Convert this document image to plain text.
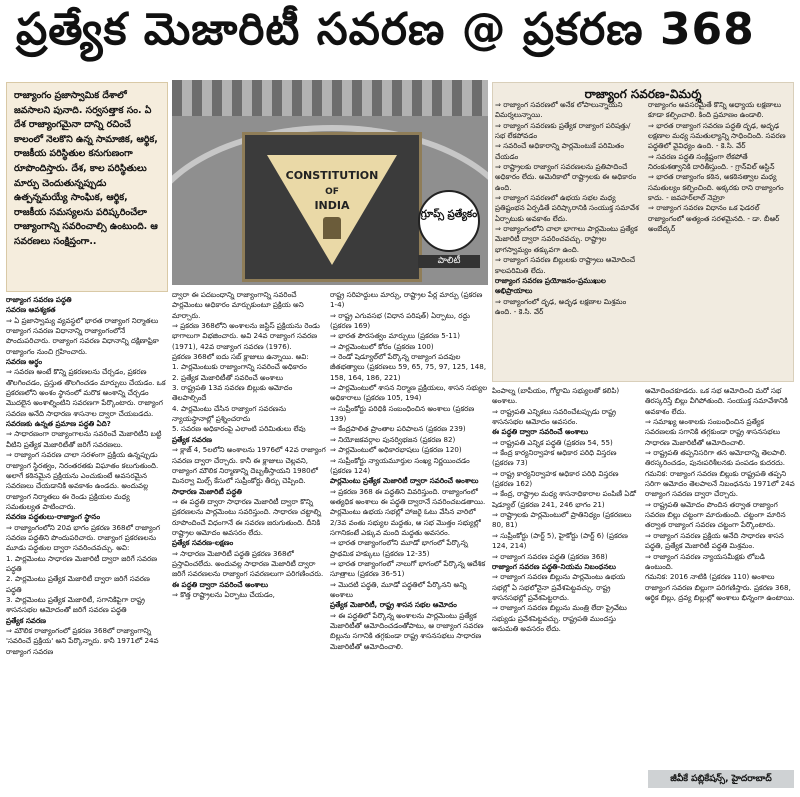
ప్రత్యేక మెజారిటీ సవరణ @ ప్రకరణ 368

రాజ్యాంగం ప్రజాస్వామిక దేశాలో జవసాలని పునాది. సర్వసత్తాక సం. ఏ దేశ రాజ్యాంగమైనా దాన్ని రచించే కాలంలో నెలకొని ఉన్న సామాజిక, ఆర్థిక, రాజకీయ పరిస్థితుల కనుగుణంగా రూపొందిస్తారు. దేశ, కాల పరిస్థితులు మార్పు చెందుతున్నప్పుడు ఉత్పన్నమయ్యే సాంఘిక, ఆర్థిక, రాజకీయ సమస్యలను పరిష్కరించేలా రాజ్యాంగాన్ని సవరించాల్సి ఉంటుంది. ఆ సవరణలు సంక్షిప్తంగా..

CONSTITUTION
OF
INDIA
గ్రూప్స్ ప్రత్యేకం
పాలిటీ
రాజ్యాంగ సవరణ-విమర్శ

రాజ్యాంగ సవరణ పద్ధతి

సవరణ ఆవశ్యకత

⇒ ఏ ప్రజాస్వామ్య వ్యవస్థలో భారత రాజ్యాంగ నిర్మాతలు రాజ్యాంగ సవరణ విధానాన్ని రాజ్యాంగంలోనే పొందుపరిచారు. రాజ్యాంగ సవరణ విధానాన్ని దక్షిణాఫ్రికా రాజ్యాంగం నుంచి గ్రహించారు.

సవరణ అర్థం

⇒ సవరణ అంటే కొన్ని ప్రకరణలను చేర్చడం, ప్రకరణ తొలగించడం, ప్రస్తుత తొలగించడం మార్పులు చేయడం. ఒక ప్రకరణలోని అంశం స్థానంలో మరొక అంశాన్ని చేర్చడం మొదలైన అంశాల్నింటిని సవరణగా పేర్కొంటారు. రాజ్యాంగ సవరణ అనేది సాధారణ శాసనాల ద్వారా చేయబడదు.

సవరణకు ఉన్నత ప్రమాణ పద్ధతి ఏది?

⇒ సాధారణంగా రాజ్యాంగాలను సవరించే మెజారిటీని బట్టి వీటిని ప్రత్యేక మెజారిటీతో జరిగే సవరణలు.

⇒ రాజ్యాంగ సవరణ చాలా సరళంగా ప్రక్రియ ఉన్నప్పుడు రాజ్యాంగ స్థిరత్వం, నిరంతరతకు విఘాతం కలుగుతుంది. అలాగే కఠినమైన ప్రక్రియను ఎంచుకుంటే అవసరమైన సవరణలు చేయడానికి అవకాశం ఉండదు. అందువల్ల రాజ్యాంగ నిర్మాతలు ఈ రెండు ప్రక్రియల మధ్య సమతుల్యత పాటించారు.

సవరణ పద్ధతులు-రాజ్యాంగ స్థానం

⇒ రాజ్యాంగంలోని 20వ భాగం ప్రకరణ 368లో రాజ్యాంగ సవరణ పద్ధతిని పొందుపరిచారు. రాజ్యాంగ ప్రకరణలను మూడు పద్ధతుల ద్వారా సవరించవచ్చు. అవి:

1. పార్లమెంటు సాధారణ మెజారిటీ ద్వారా జరిగే సవరణ పద్ధతి

2. పార్లమెంటు ప్రత్యేక మెజారిటీ ద్వారా జరిగే సవరణ పద్ధతి

3. పార్లమెంటు ప్రత్యేక మెజారిటీ, సగానికిపైగా రాష్ట్ర శాసనసభల ఆమోదంతో జరిగే సవరణ పద్ధతి

ప్రత్యేక సవరణ

⇒ మౌలిక రాజ్యాంగంలో ప్రకరణ 368లో రాజ్యాంగాన్ని 'సవరించే ప్రక్రియ' అని పేర్కొన్నారు. కానీ 1971లో 24వ రాజ్యాంగ సవరణ

ద్వారా ఈ పదబంధాన్ని రాజ్యాంగాన్ని సవరించే పార్లమెంటు అధికారం మార్చుకుంటూ ప్రక్రియ అని మార్చారు.

⇒ ప్రకరణ 368లోని అంశాలను జస్టిస్ ప్రక్రియను రెండు భాగాలుగా విభజించారు. అవి 24వ రాజ్యాంగ సవరణ (1971), 42వ రాజ్యాంగ సవరణ (1976).

ప్రకరణ 368లో ఐదు సబ్ క్లాజులు ఉన్నాయి. అవి:

1. పార్లమెంటుకు రాజ్యాంగాన్ని సవరించే అధికారం

2. ప్రత్యేక మెజారిటీతో సవరించే అంశాలు

3. రాష్ట్రపతి 13వ సవరణ బిల్లుకు ఆమోదం తెలపాల్సిందే

4. పార్లమెంటు చేసిన రాజ్యాంగ సవరణను న్యాయస్థానాల్లో ప్రశ్నించరాదు

5. సవరణ అధికారంపై ఎలాంటి పరిమితులు లేవు

ప్రత్యేక సవరణ

⇒ క్లాజ్ 4, 5లలోని అంశాలను 1976లో 42వ రాజ్యాంగ సవరణ ద్వారా చేర్చారు. కానీ ఈ క్లాజులు చెల్లవని, రాజ్యాంగ మౌలిక నిర్మాణాన్ని దెబ్బతీస్తాయని 1980లో మినర్వా మిల్స్ కేసులో సుప్రీంకోర్టు తీర్పు చెప్పింది.

సాధారణ మెజారిటీ పద్ధతి

⇒ ఈ పద్ధతి ద్వారా సాధారణ మెజారిటీ ద్వారా కొన్ని ప్రకరణలను పార్లమెంటు సవరిస్తుంది. సాధారణ చట్టాల్ని రూపొందించే విధంగానే ఈ సవరణ జరుగుతుంది. దీనికి రాష్ట్రాల ఆమోదం అవసరం లేదు.

ప్రత్యేక సవరణ-లక్షణం

⇒ సాధారణ మెజారిటీ పద్ధతి ప్రకరణ 368లో ప్రస్తావించలేదు. అందువల్ల సాధారణ మెజారిటీ ద్వారా జరిగే సవరణలను రాజ్యాంగ సవరణలుగా పరిగణించరు.

ఈ పద్ధతి ద్వారా సవరించే అంశాలు

⇒ కొత్త రాష్ట్రాలను ఏర్పాటు చేయడం,

రాష్ట్ర సరిహద్దులు మార్చు, రాష్ట్రాల పేర్ల మార్పు (ప్రకరణ 1-4)

⇒ రాష్ట్ర ఎగువసభ (విధాన పరిషత్) ఏర్పాటు, రద్దు (ప్రకరణ 169)

⇒ భారత పౌరసత్వం మార్పులు (ప్రకరణ 5-11)

⇒ పార్లమెంటులో కోరం (ప్రకరణ 100)

⇒ రెండో షెడ్యూల్‌లో పేర్కొన్న రాజ్యాంగ పదవుల జీతభత్యాలు (ప్రకరణలు 59, 65, 75, 97, 125, 148, 158, 164, 186, 221)

⇒ పార్లమెంటులో శాసన నిర్మాణ ప్రక్రియలు, శాసన సభ్యుల అధికారాలు (ప్రకరణ 105, 194)

⇒ సుప్రీంకోర్టు పరిధికి సంబంధించిన అంశాలు (ప్రకరణ 139)

⇒ కేంద్రపాలిత ప్రాంతాల పరిపాలన (ప్రకరణ 239)

⇒ నియోజకవర్గాల పునర్విభజన (ప్రకరణ 82)

⇒ పార్లమెంటులో అధికారభాషలు (ప్రకరణ 120)

⇒ సుప్రీంకోర్టు న్యాయమూర్తుల సంఖ్య నిర్ణయించడం (ప్రకరణ 124)

పార్లమెంటు ప్రత్యేక మెజారిటీ ద్వారా సవరించే అంశాలు

⇒ ప్రకరణ 368 ఈ పద్ధతిని వివరిస్తుంది. రాజ్యాంగంలో అత్యధిక అంశాలు ఈ పద్ధతి ద్వారానే సవరించబడతాయి. పార్లమెంటు ఉభయ సభల్లో హాజరై ఓటు వేసిన వారిలో 2/3వ వంతు సభ్యుల మద్దతు, ఆ సభ మొత్తం సభ్యుల్లో సగానికంటే ఎక్కువ మంది మద్దతు అవసరం.

⇒ భారత రాజ్యాంగంలోని మూడో భాగంలో పేర్కొన్న ప్రాథమిక హక్కులు (ప్రకరణ 12-35)

⇒ భారత రాజ్యాంగంలో నాలుగో భాగంలో పేర్కొన్న ఆదేశిక సూత్రాలు (ప్రకరణ 36-51)

⇒ మొదటి పద్ధతి, మూడో పద్ధతిలో పేర్కొనని అన్ని అంశాలు

ప్రత్యేక మెజారిటీ, రాష్ట్ర శాసన సభల ఆమోదం

⇒ ఈ పద్ధతిలో పేర్కొన్న అంశాలను పార్లమెంటు ప్రత్యేక మెజారిటీతో ఆమోదించడంతోపాటు, ఆ రాజ్యాంగ సవరణ బిల్లును సగానికి తగ్గకుండా రాష్ట్ర శాసనసభలు సాధారణ మెజారిటీతో ఆమోదించాలి.

⇒ రాజ్యాంగ సవరణలో అనేక లోపాలున్నాయని విమర్శలున్నాయి.

⇒ రాజ్యాంగ సవరణకు ప్రత్యేక రాజ్యాంగ పరిషత్తు/సభ లేకపోవడం

⇒ సవరించే అధికారాన్ని పార్లమెంటుకే పరిమితం చేయడం

⇒ రాష్ట్రాలకు రాజ్యాంగ సవరణలను ప్రతిపాదించే అధికారం లేదు. అమెరికాలో రాష్ట్రాలకు ఈ అధికారం ఉంది.

⇒ రాజ్యాంగ సవరణలో ఉభయ సభల మధ్య ప్రతిష్టంభన ఏర్పడితే పరిష్కారానికి సంయుక్త సమావేశ ఏర్పాటుకు అవకాశం లేదు.

⇒ రాజ్యాంగంలోని చాలా భాగాలు పార్లమెంటు ప్రత్యేక మెజారిటీ ద్వారా సవరించవచ్చు. రాష్ట్రాల భాగస్వామ్యం తక్కువగా ఉంది.

⇒ రాజ్యాంగ సవరణ బిల్లులకు రాష్ట్రాలు ఆమోదించే కాలపరిమితి లేదు.

రాజ్యాంగ సవరణ ప్రయోజనం-ప్రముఖుల అభిప్రాయాలు

⇒ రాజ్యాంగంలో దృఢ, అదృఢ లక్షణాల మిశ్రమం ఉంది. - కె.సి. వేర్

రాజ్యాంగం అవసరమైతే కొన్ని అధ్యాయ లక్షణాలు కూడా కల్పించాలి. కింది ప్రమాణం ఉండాలి.

⇒ భారత రాజ్యాంగ సవరణ పద్ధతి దృఢ, అదృఢ లక్షణాల మధ్య సమతుల్యాన్ని సాధించింది. సవరణ పద్ధతిలో వైవిధ్యం ఉంది. - కె.సి. వేర్

⇒ సవరణ పద్ధతి సంక్లిష్టంగా లేకపోతే నిరంకుశత్వానికి దారితీస్తుంది. - గ్రాన్‌విల్ ఆస్టిన్

⇒ భారత రాజ్యాంగం కఠిన, అకఠినత్వాల మధ్య సమతుల్యం కల్పించింది. అక్కరకు రాని రాజ్యాంగం కాదు. - జవహర్‌లాల్ నెహ్రూ

⇒ రాజ్యాంగ సవరణ విధానం ఒక ఫెడరల్ రాజ్యాంగంలో అత్యంత సరళమైనది. - డా. బీఆర్ అంబేద్కర్

పింపాల్న (బాపీయం, గోల్డామి సభ్యులతో కలిపి) అంశాలు.

⇒ రాష్ట్రపతి ఎన్నికలు సవరించేటప్పుడు రాష్ట్ర శాసనసభల ఆమోదం అవసరం.

ఈ పద్ధతి ద్వారా సవరించే అంశాలు

⇒ రాష్ట్రపతి ఎన్నిక పద్ధతి (ప్రకరణ 54, 55)

⇒ కేంద్ర కార్యనిర్వాహక అధికార పరిధి విస్తరణ (ప్రకరణ 73)

⇒ రాష్ట్ర కార్యనిర్వాహక అధికార పరిధి విస్తరణ (ప్రకరణ 162)

⇒ కేంద్ర, రాష్ట్రాల మధ్య శాసనాధికారాల పంపిణీ ఏడో షెడ్యూల్ (ప్రకరణ 241, 246 భాగం 21)

⇒ రాష్ట్రాలకు పార్లమెంటులో ప్రాతినిధ్యం (ప్రకరణలు 80, 81)

⇒ సుప్రీంకోర్టు (పార్ట్ 5), హైకోర్టు (పార్ట్ 6) (ప్రకరణ 124, 214)

⇒ రాజ్యాంగ సవరణ పద్ధతి (ప్రకరణ 368)

రాజ్యాంగ సవరణ పద్ధతి-నియమ నిబంధనలు

⇒ రాజ్యాంగ సవరణ బిల్లును పార్లమెంటు ఉభయ సభల్లో ఏ సభలోనైనా ప్రవేశపెట్టవచ్చు. రాష్ట్ర శాసనసభల్లో ప్రవేశపెట్టరాదు.

⇒ రాజ్యాంగ సవరణ బిల్లును మంత్రి లేదా ప్రైవేటు సభ్యుడు ప్రవేశపెట్టవచ్చు. రాష్ట్రపతి ముందస్తు అనుమతి అవసరం లేదు.

ఆమోదించకూడదు. ఒక సభ ఆమోదించి మరో సభ తిరస్కరిస్తే బిల్లు వీగిపోతుంది. సంయుక్త సమావేశానికి అవకాశం లేదు.

⇒ సమాఖ్య అంశాలకు సంబంధించిన ప్రత్యేక సవరణలకు సగానికి తగ్గకుండా రాష్ట్ర శాసనసభలు సాధారణ మెజారిటీతో ఆమోదించాలి.

⇒ రాష్ట్రపతి తప్పనిసరిగా తన ఆమోదాన్ని తెలపాలి. తిరస్కరించడం, పునఃపరిశీలనకు పంపడం కుదరదు.

గమనిక: రాజ్యాంగ సవరణ బిల్లుకు రాష్ట్రపతి తప్పని సరిగా ఆమోదం తెలపాలనే నిబంధనను 1971లో 24వ రాజ్యాంగ సవరణ ద్వారా చేర్చారు.

⇒ రాష్ట్రపతి ఆమోదం పొందిన తర్వాత రాజ్యాంగ సవరణ బిల్లు చట్టంగా మారుతుంది. చట్టంగా మారిన తర్వాత రాజ్యాంగ సవరణ చట్టంగా పేర్కొంటారు.

⇒ రాజ్యాంగ సవరణ ప్రక్రియ అనేది సాధారణ శాసన పద్ధతి, ప్రత్యేక మెజారిటీ పద్ధతి మిశ్రమం.

⇒ రాజ్యాంగ సవరణ న్యాయసమీక్షకు లోబడి ఉంటుంది.

గమనిక: 2016 నాటికి (ప్రకరణ 110) అంశాలు రాజ్యాంగ సవరణ బిల్లుగా పరిగణిస్తారు. ప్రకరణ 368, ఆర్థిక బిల్లు, ద్రవ్య బిల్లుల్లో అంశాలు భిన్నంగా ఉంటాయి.

జీవీకే పబ్లికేషన్స్, హైదరాబాద్
